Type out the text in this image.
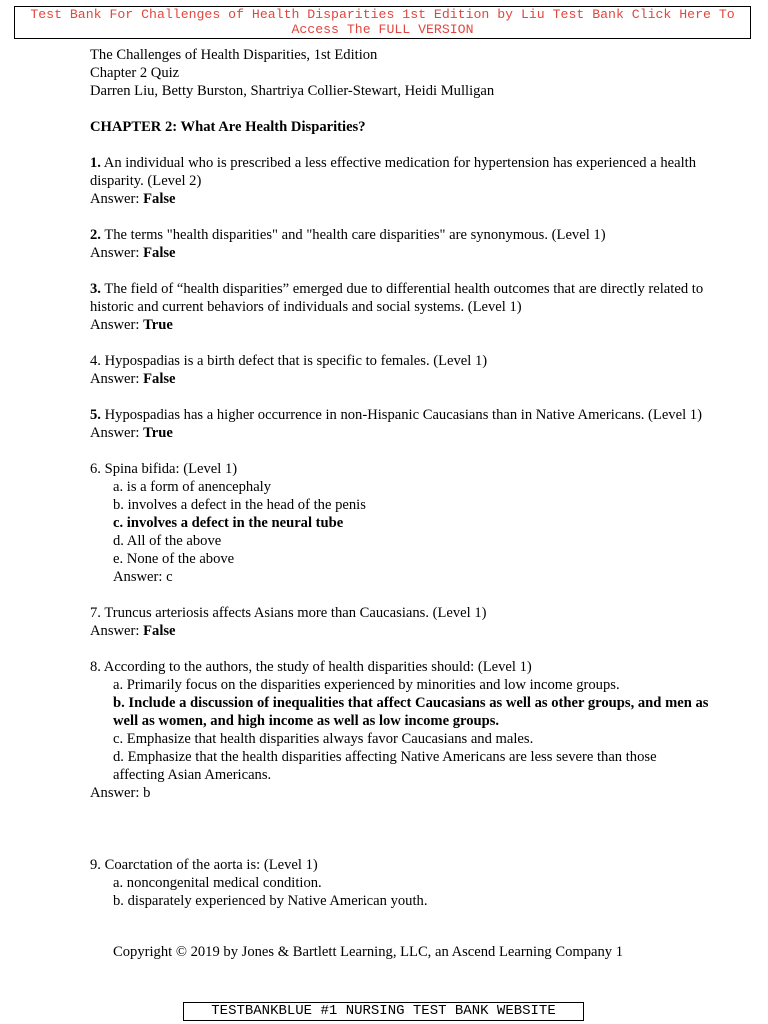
Test Bank For Challenges of Health Disparities 1st Edition by Liu Test Bank Click Here To
Access The FULL VERSION

The Challenges of Health Disparities, 1st Edition

Chapter 2 Quiz

Darren Liu, Betty Burston, Shartriya Collier-Stewart, Heidi Mulligan

CHAPTER 2: What Are Health Disparities?

1. An individual who is prescribed a less effective medication for hypertension has experienced a health disparity. (Level 2)

Answer: False

2. The terms "health disparities" and "health care disparities" are synonymous. (Level 1)

Answer: False

3. The field of “health disparities” emerged due to differential health outcomes that are directly related to historic and current behaviors of individuals and social systems. (Level 1)

Answer: True

4. Hypospadias is a birth defect that is specific to females. (Level 1)

Answer: False

5. Hypospadias has a higher occurrence in non-Hispanic Caucasians than in Native Americans. (Level 1)

Answer: True

6. Spina bifida: (Level 1)

a. is a form of anencephaly

b. involves a defect in the head of the penis

c. involves a defect in the neural tube

d. All of the above

e. None of the above

Answer: c

7. Truncus arteriosis affects Asians more than Caucasians. (Level 1)

Answer: False

8. According to the authors, the study of health disparities should: (Level 1)

a. Primarily focus on the disparities experienced by minorities and low income groups.

b. Include a discussion of inequalities that affect Caucasians as well as other groups, and men as well as women, and high income as well as low income groups.

c. Emphasize that health disparities always favor Caucasians and males.

d. Emphasize that the health disparities affecting Native Americans are less severe than those affecting Asian Americans.

Answer: b

9. Coarctation of the aorta is: (Level 1)

a. noncongenital medical condition.

b. disparately experienced by Native American youth.

Copyright © 2019 by Jones & Bartlett Learning, LLC, an Ascend Learning Company 1

TESTBANKBLUE #1 NURSING TEST BANK WEBSITE
